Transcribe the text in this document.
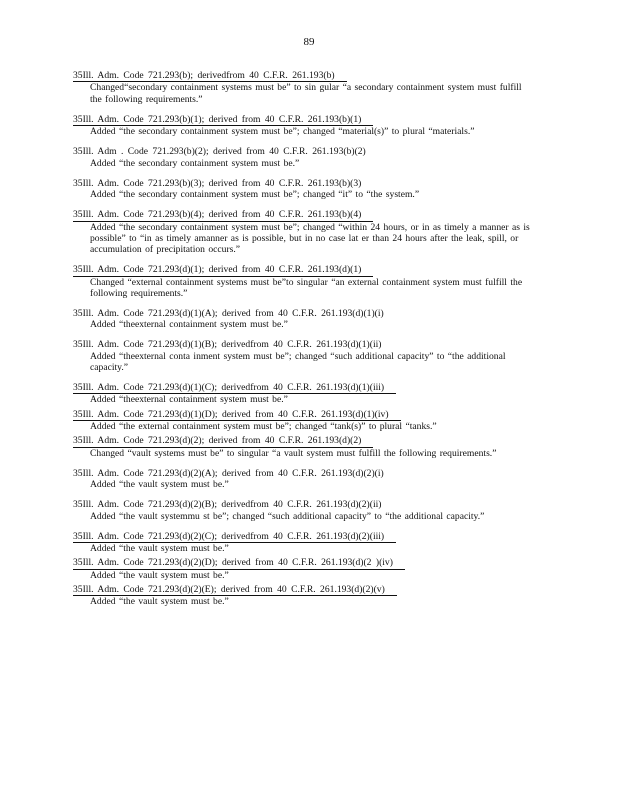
89
35Ill. Adm. Code 721.293(b); derivedfrom 40 C.F.R. 261.193(b)
Changed“secondary containment systems must be” to sin gular “a secondary containment system must fulfill the following requirements.”
35Ill. Adm. Code 721.293(b)(1); derived from 40 C.F.R. 261.193(b)(1)
Added “the secondary containment system must be”; changed “material(s)” to plural “materials.”
35Ill. Adm . Code 721.293(b)(2); derived from 40 C.F.R. 261.193(b)(2)
Added “the secondary containment system must be.”
35Ill. Adm. Code 721.293(b)(3); derived from 40 C.F.R. 261.193(b)(3)
Added “the secondary containment system must be”; changed “it” to “the system.”
35Ill. Adm. Code 721.293(b)(4); derived from 40 C.F.R. 261.193(b)(4)
Added “the secondary containment system must be”; changed “within 24 hours, or in as timely a manner as is possible” to “in as timely amanner as is possible, but in no case lat er than 24 hours after the leak, spill, or accumulation of precipitation occurs.”
35Ill. Adm. Code 721.293(d)(1); derived from 40 C.F.R. 261.193(d)(1)
Changed “external containment systems must be”to singular “an external containment system must fulfill the following requirements.”
35Ill. Adm. Code 721.293(d)(1)(A); derived from 40 C.F.R. 261.193(d)(1)(i)
Added “theexternal containment system must be.”
35Ill. Adm. Code 721.293(d)(1)(B); derivedfrom 40 C.F.R. 261.193(d)(1)(ii)
Added “theexternal conta inment system must be”; changed “such additional capacity” to “the additional capacity.”
35Ill. Adm. Code 721.293(d)(1)(C); derivedfrom 40 C.F.R. 261.193(d)(1)(iii)
Added “theexternal containment system must be.”
35Ill. Adm. Code 721.293(d)(1)(D); derived from 40 C.F.R. 261.193(d)(1)(iv)
Added “the external containment system must be”; changed “tank(s)” to plural “tanks.”
35Ill. Adm. Code 721.293(d)(2); derived from 40 C.F.R. 261.193(d)(2)
Changed “vault systems must be” to singular “a vault system must fulfill the following requirements.”
35Ill. Adm. Code 721.293(d)(2)(A); derived from 40 C.F.R. 261.193(d)(2)(i)
Added “the vault system must be.”
35Ill. Adm. Code 721.293(d)(2)(B); derivedfrom 40 C.F.R. 261.193(d)(2)(ii)
Added “the vault systemmu st be”; changed “such additional capacity” to “the additional capacity.”
35Ill. Adm. Code 721.293(d)(2)(C); derivedfrom 40 C.F.R. 261.193(d)(2)(iii)
Added “the vault system must be.”
35Ill. Adm. Code 721.293(d)(2)(D); derived from 40 C.F.R. 261.193(d)(2 )(iv)
Added “the vault system must be.”
35Ill. Adm. Code 721.293(d)(2)(E); derived from 40 C.F.R. 261.193(d)(2)(v)
Added “the vault system must be.”
